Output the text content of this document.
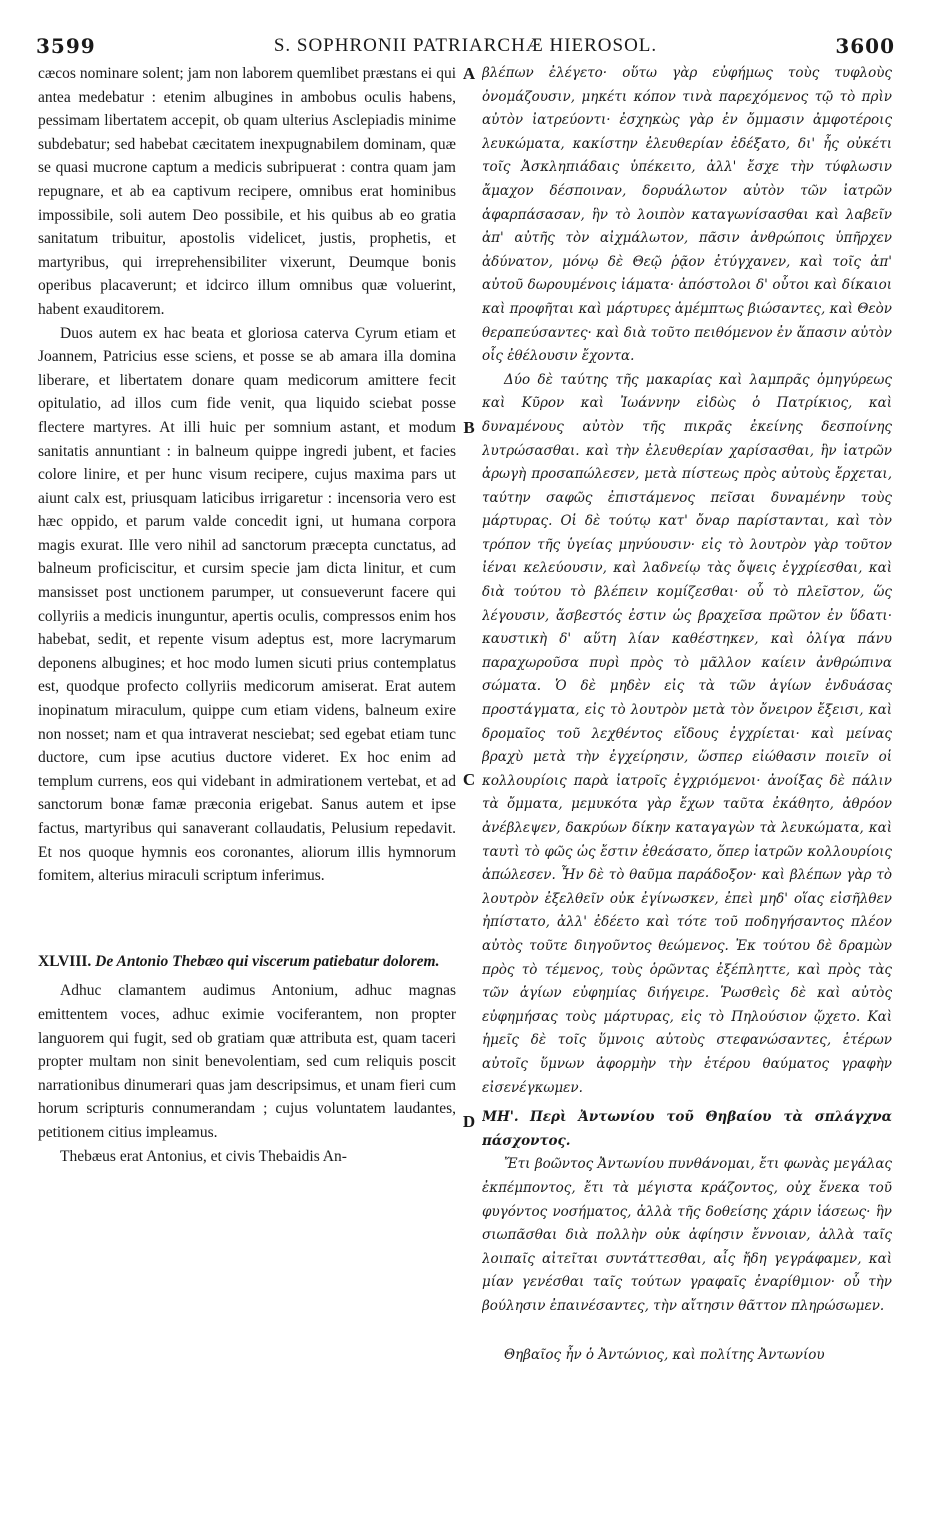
3599	S. SOPHRONII PATRIARCHÆ HIEROSOL.	3600

cæcos nominare solent; jam non laborem quemlibet præstans ei qui antea medebatur : etenim albugines in ambobus oculis habens, pessimam libertatem accepit, ob quam ulterius Asclepiadis minime subdebatur; sed habebat cæcitatem inexpugnabilem dominam, quæ se quasi mucrone captum a medicis subripuerat : contra quam jam repugnare, et ab ea captivum recipere, omnibus erat hominibus impossibile, soli autem Deo possibile, et his quibus ab eo gratia sanitatum tribuitur, apostolis videlicet, justis, prophetis, et martyribus, qui irreprehensibiliter vixerunt, Deumque bonis operibus placaverunt; et idcirco illum omnibus quæ voluerint, habent exauditorem.

Duos autem ex hac beata et gloriosa caterva Cyrum etiam et Joannem, Patricius esse sciens, et posse se ab amara illa domina liberare, et libertatem donare quam medicorum amittere fecit opitulatio, ad illos cum fide venit, qua liquido sciebat posse flectere martyres. At illi huic per somnium astant, et modum sanitatis annuntiant : in balneum quippe ingredi jubent, et facies colore linire, et per hunc visum recipere, cujus maxima pars ut aiunt calx est, priusquam laticibus irrigaretur : incensoria vero est hæc oppido, et parum valde concedit igni, ut humana corpora magis exurat. Ille vero nihil ad sanctorum præcepta cunctatus, ad balneum proficiscitur, et cursim specie jam dicta linitur, et cum mansisset post unctionem parumper, ut consueverunt facere qui collyriis a medicis inunguntur, apertis oculis, compressos enim hos habebat, sedit, et repente visum adeptus est, more lacrymarum deponens albugines; et hoc modo lumen sicuti prius contemplatus est, quodque profecto collyriis medicorum amiserat. Erat autem inopinatum miraculum, quippe cum etiam videns, balneum exire non nosset; nam et qua intraverat nesciebat; sed egebat etiam tunc ductore, cum ipse acutius ductore videret. Ex hoc enim ad templum currens, eos qui videbant in admirationem vertebat, et ad sanctorum bonæ famæ præconia erigebat. Sanus autem et ipse factus, martyribus qui sanaverant collaudatis, Pelusium repedavit. Et nos quoque hymnis eos coronantes, aliorum illis hymnorum fomitem, alterius miraculi scriptum inferimus.

XLVIII. De Antonio Thebæo qui viscerum patiebatur dolorem.

Adhuc clamantem audimus Antonium, adhuc magnas emittentem voces, adhuc eximie vociferantem, non propter languorem qui fugit, sed ob gratiam quæ attributa est, quam taceri propter multam non sinit benevolentiam, sed cum reliquis poscit narrationibus dinumerari quas jam descripsimus, et unam fieri cum horum scripturis connumerandam ; cujus voluntatem laudantes, petitionem citius impleamus.

Thebæus erat Antonius, et civis Thebaidis An-

A
B
C
D

βλέπων ἐλέγετο· οὕτω γὰρ εὐφήμως τοὺς τυφλοὺς ὀνομάζουσιν, μηκέτι κόπον τινὰ παρεχόμενος τῷ τὸ πρὶν αὐτὸν ἰατρεύοντι· ἐσχηκὼς γὰρ ἐν ὄμμασιν ἀμφοτέροις λευκώματα, κακίστην ἐλευθερίαν ἐδέξατο, δι' ἧς οὐκέτι τοῖς Ἀσκληπιάδαις ὑπέκειτο, ἀλλ' ἔσχε τὴν τύφλωσιν ἄμαχον δέσποιναν, δορυάλωτον αὐτὸν τῶν ἰατρῶν ἁφαρπάσασαν, ἣν τὸ λοιπὸν καταγωνίσασθαι καὶ λαβεῖν ἀπ' αὐτῆς τὸν αἰχμάλωτον, πᾶσιν ἀνθρώποις ὑπῆρχεν ἀδύνατον, μόνῳ δὲ Θεῷ ῥᾷον ἐτύγχανεν, καὶ τοῖς ἀπ' αὐτοῦ δωρουμένοις ἰάματα· ἀπόστολοι δ' οὗτοι καὶ δίκαιοι καὶ προφῆται καὶ μάρτυρες ἀμέμπτως βιώσαντες, καὶ Θεὸν θεραπεύσαντες· καὶ διὰ τοῦτο πειθόμενον ἐν ἅπασιν αὐτὸν οἷς ἐθέλουσιν ἔχοντα.

Δύο δὲ ταύτης τῆς μακαρίας καὶ λαμπρᾶς ὁμηγύρεως καὶ Κῦρον καὶ Ἰωάννην εἰδὼς ὁ Πατρίκιος, καὶ δυναμένους αὐτὸν τῆς πικρᾶς ἐκείνης δεσποίνης λυτρώσασθαι. καὶ τὴν ἐλευθερίαν χαρίσασθαι, ἣν ἰατρῶν ἀρωγὴ προσαπώλεσεν, μετὰ πίστεως πρὸς αὐτοὺς ἔρχεται, ταύτην σαφῶς ἐπιστάμενος πεῖσαι δυναμένην τοὺς μάρτυρας. Οἱ δὲ τούτῳ κατ' ὄναρ παρίστανται, καὶ τὸν τρόπον τῆς ὑγείας μηνύουσιν· εἰς τὸ λουτρὸν γὰρ τοῦτον ἰέναι κελεύουσιν, καὶ λαδνείῳ τὰς ὄψεις ἐγχρίεσθαι, καὶ διὰ τούτου τὸ βλέπειν κομίζεσθαι· οὗ τὸ πλεῖστον, ὥς λέγουσιν, ἄσβεστός ἐστιν ὡς βραχεῖσα πρῶτον ἐν ὕδατι· καυστικὴ δ' αὕτη λίαν καθέστηκεν, καὶ ὀλίγα πάνυ παραχωροῦσα πυρὶ πρὸς τὸ μᾶλλον καίειν ἀνθρώπινα σώματα. Ὁ δὲ μηδὲν εἰς τὰ τῶν ἁγίων ἐνδυάσας προστάγματα, εἰς τὸ λουτρὸν μετὰ τὸν ὄνειρον ἔξεισι, καὶ δρομαῖος τοῦ λεχθέντος εἴδους ἐγχρίεται· καὶ μείνας βραχὺ μετὰ τὴν ἐγχείρησιν, ὥσπερ εἰώθασιν ποιεῖν οἱ κολλουρίοις παρὰ ἰατροῖς ἐγχριόμενοι· ἀνοίξας δὲ πάλιν τὰ ὄμματα, μεμυκότα γὰρ ἔχων ταῦτα ἐκάθητο, ἀθρόον ἀνέβλεψεν, δακρύων δίκην καταγαγὼν τὰ λευκώματα, καὶ ταυτὶ τὸ φῶς ὡς ἔστιν ἐθεάσατο, ὅπερ ἰατρῶν κολλουρίοις ἀπώλεσεν. Ἦν δὲ τὸ θαῦμα παράδοξον· καὶ βλέπων γὰρ τὸ λουτρὸν ἐξελθεῖν οὐκ ἐγίνωσκεν, ἐπεὶ μηδ' οἵας εἰσῆλθεν ἠπίστατο, ἀλλ' ἐδέετο καὶ τότε τοῦ ποδηγήσαντος πλέον αὐτὸς τοῦτε διηγοῦντος θεώμενος. Ἐκ τούτου δὲ δραμὼν πρὸς τὸ τέμενος, τοὺς ὁρῶντας ἐξέπληττε, καὶ πρὸς τὰς τῶν ἁγίων εὐφημίας διήγειρε. Ῥωσθεὶς δὲ καὶ αὐτὸς εὐφημήσας τοὺς μάρτυρας, εἰς τὸ Πηλούσιον ᾤχετο. Καὶ ἡμεῖς δὲ τοῖς ὕμνοις αὐτοὺς στεφανώσαντες, ἑτέρων αὐτοῖς ὕμνων ἀφορμὴν τὴν ἑτέρου θαύματος γραφὴν εἰσενέγκωμεν.

ΜΗ'. Περὶ Ἀντωνίου τοῦ Θηβαίου τὰ σπλάγχνα πάσχοντος.

Ἔτι βοῶντος Ἀντωνίου πυνθάνομαι, ἔτι φωνὰς μεγάλας ἐκπέμποντος, ἔτι τὰ μέγιστα κράζοντος, οὐχ ἕνεκα τοῦ φυγόντος νοσήματος, ἀλλὰ τῆς δοθείσης χάριν ἰάσεως· ἣν σιωπᾶσθαι διὰ πολλὴν οὐκ ἀφίησιν ἔννοιαν, ἀλλὰ ταῖς λοιπαῖς αἰτεῖται συντάττεσθαι, αἷς ἤδη γεγράφαμεν, καὶ μίαν γενέσθαι ταῖς τούτων γραφαῖς ἐναρίθμιον· οὗ τὴν βούλησιν ἐπαινέσαντες, τὴν αἴτησιν θᾶττον πληρώσωμεν.

Θηβαῖος ἦν ὁ Ἀντώνιος, καὶ πολίτης Ἀντωνίου
